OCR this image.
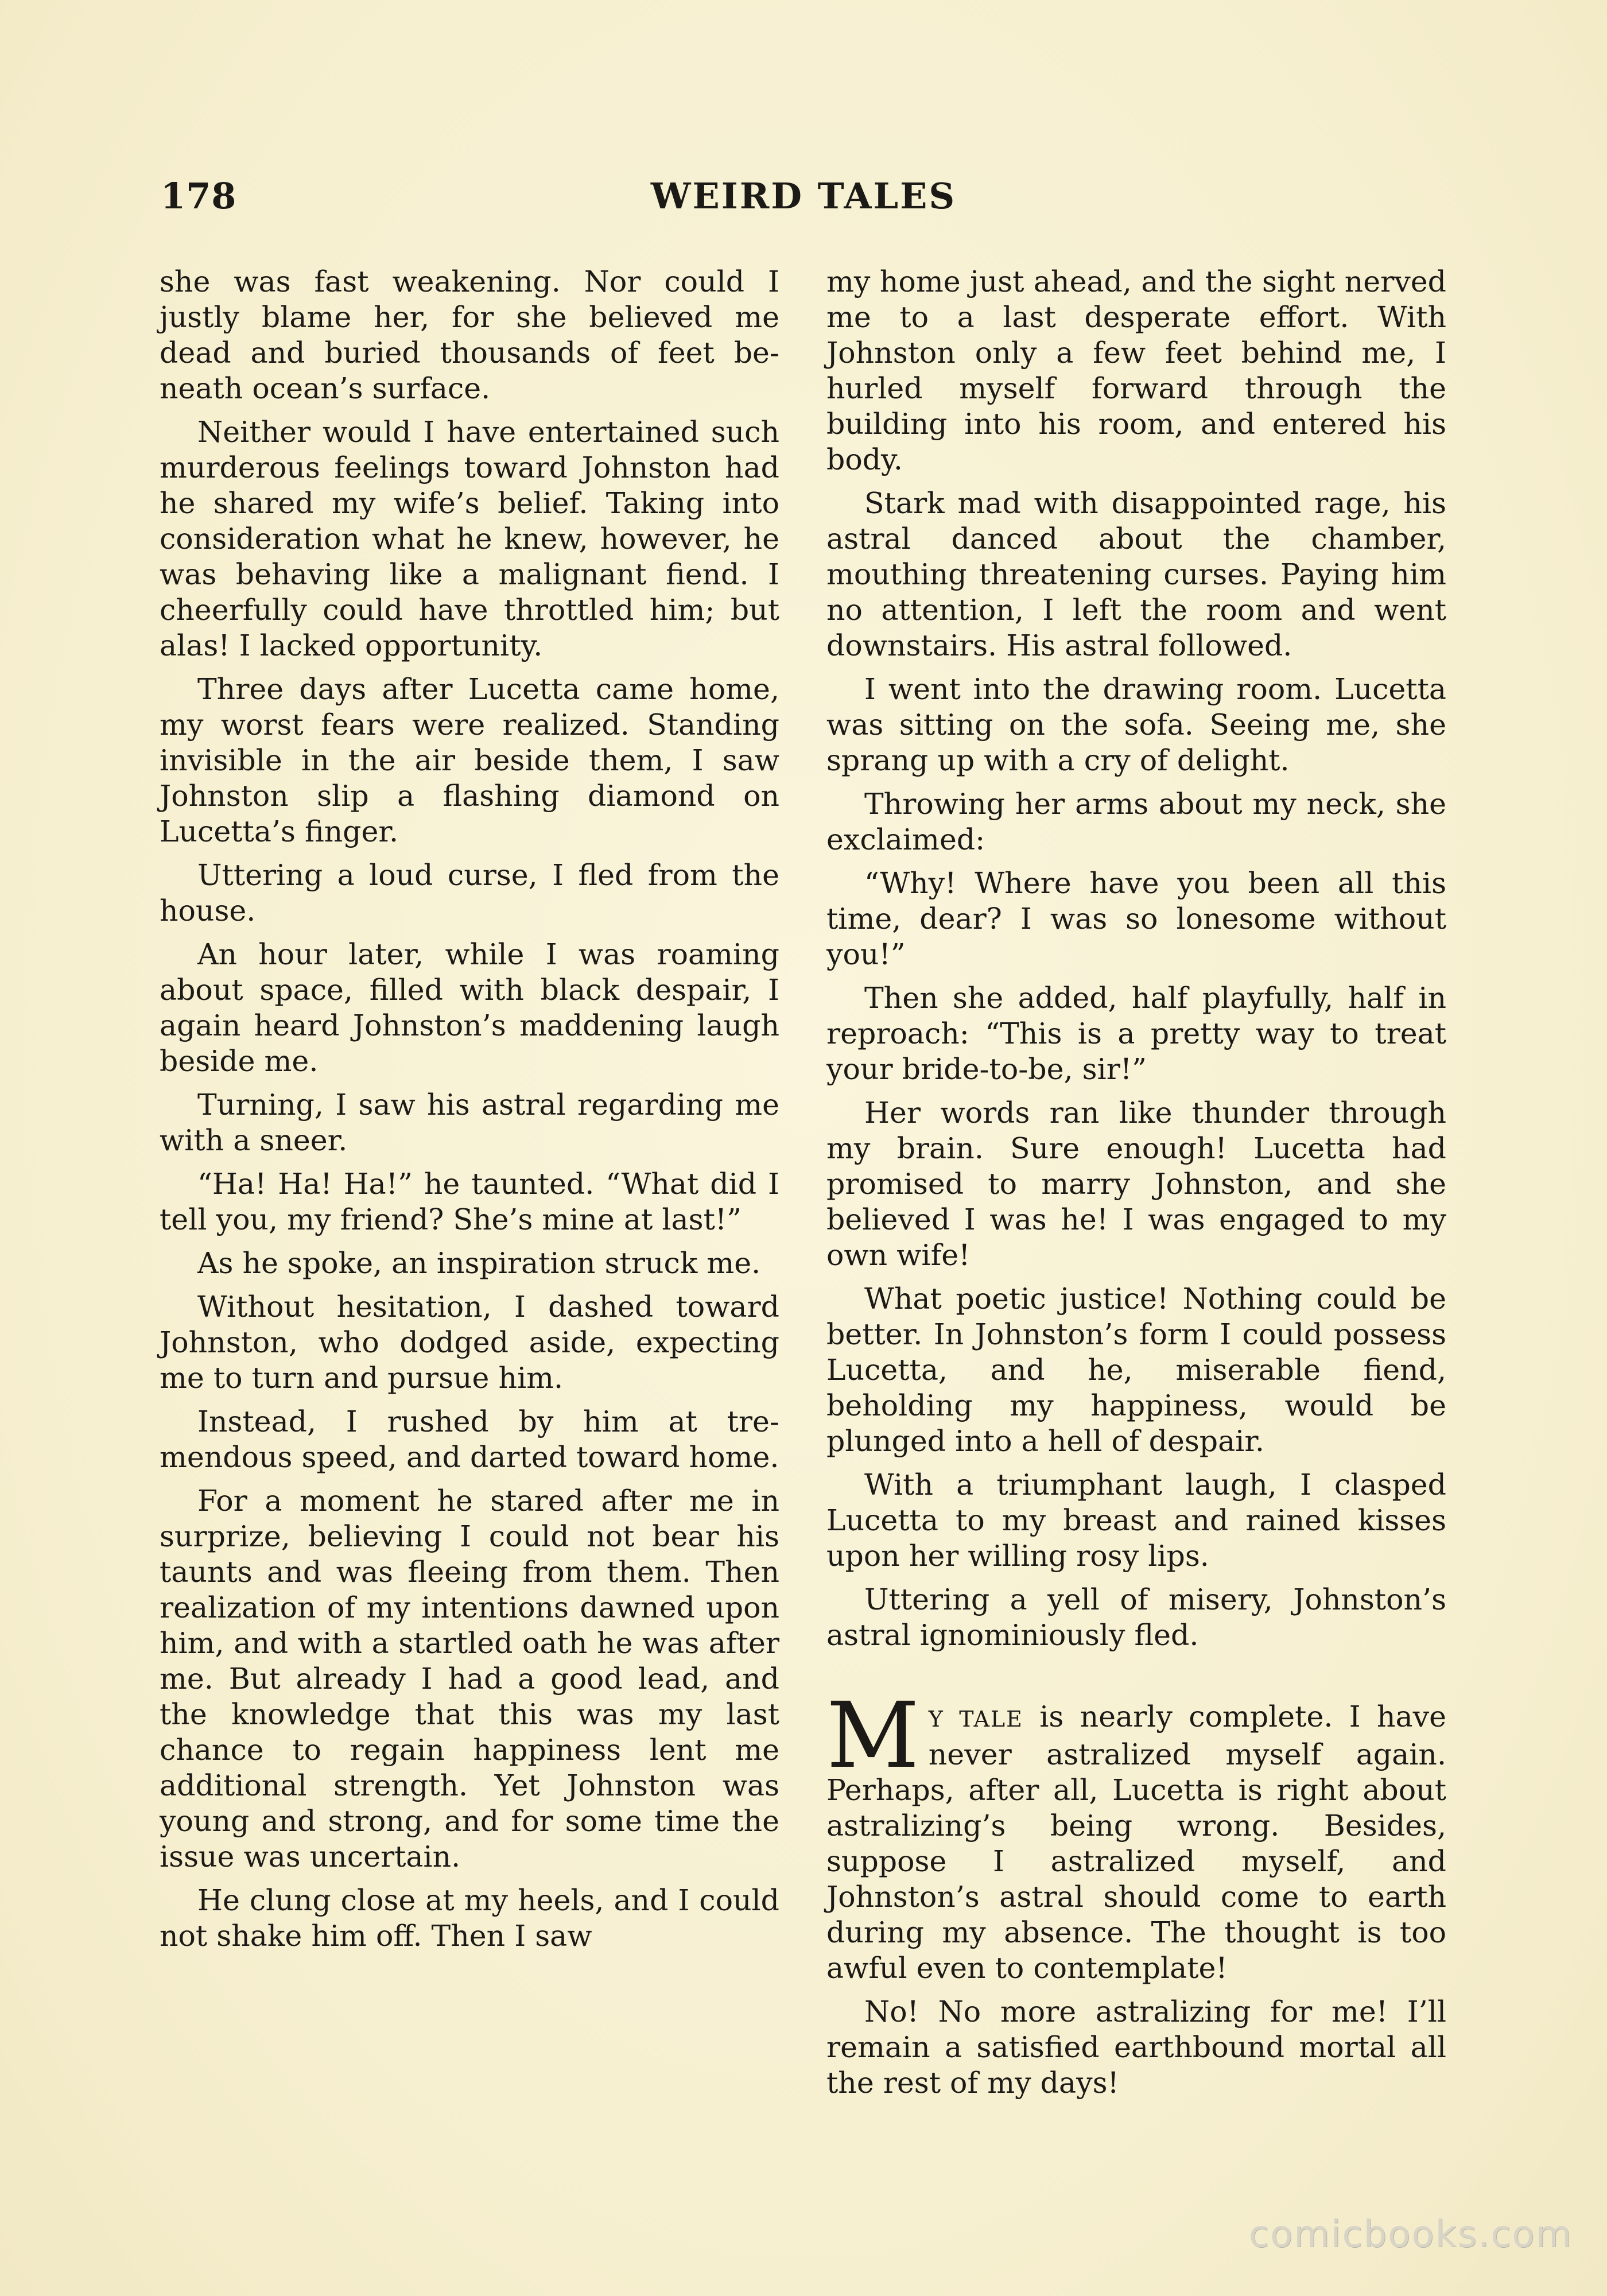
178	WEIRD TALES

she was fast weakening. Nor could I justly blame her, for she believed me dead and buried thousands of feet beneath ocean’s surface.

Neither would I have entertained such murderous feelings toward Johnston had he shared my wife’s belief. Taking into consideration what he knew, however, he was behaving like a malignant fiend. I cheerfully could have throttled him; but alas! I lacked opportunity.

Three days after Lucetta came home, my worst fears were realized. Standing invisible in the air beside them, I saw Johnston slip a flashing diamond on Lucetta’s finger.

Uttering a loud curse, I fled from the house.

An hour later, while I was roaming about space, filled with black despair, I again heard Johnston’s maddening laugh beside me.

Turning, I saw his astral regarding me with a sneer.

“Ha! Ha! Ha!” he taunted. “What did I tell you, my friend? She’s mine at last!”

As he spoke, an inspiration struck me.

Without hesitation, I dashed toward Johnston, who dodged aside, expecting me to turn and pursue him.

Instead, I rushed by him at tremendous speed, and darted toward home.

For a moment he stared after me in surprize, believing I could not bear his taunts and was fleeing from them. Then realization of my intentions dawned upon him, and with a startled oath he was after me. But already I had a good lead, and the knowledge that this was my last chance to regain happiness lent me additional strength. Yet Johnston was young and strong, and for some time the issue was uncertain.

He clung close at my heels, and I could not shake him off. Then I saw

my home just ahead, and the sight nerved me to a last desperate effort. With Johnston only a few feet behind me, I hurled myself forward through the building into his room, and entered his body.

Stark mad with disappointed rage, his astral danced about the chamber, mouthing threatening curses. Paying him no attention, I left the room and went downstairs. His astral followed.

I went into the drawing room. Lucetta was sitting on the sofa. Seeing me, she sprang up with a cry of delight.

Throwing her arms about my neck, she exclaimed:

“Why! Where have you been all this time, dear? I was so lonesome without you!”

Then she added, half playfully, half in reproach: “This is a pretty way to treat your bride-to-be, sir!”

Her words ran like thunder through my brain. Sure enough! Lucetta had promised to marry Johnston, and she believed I was he! I was engaged to my own wife!

What poetic justice! Nothing could be better. In Johnston’s form I could possess Lucetta, and he, miserable fiend, beholding my happiness, would be plunged into a hell of despair.

With a triumphant laugh, I clasped Lucetta to my breast and rained kisses upon her willing rosy lips.

Uttering a yell of misery, Johnston’s astral ignominiously fled.

M Y TALE is nearly complete. I have never astralized myself again. Perhaps, after all, Lucetta is right about astralizing’s being wrong. Besides, suppose I astralized myself, and Johnston’s astral should come to earth during my absence. The thought is too awful even to contemplate!

No! No more astralizing for me! I’ll remain a satisfied earthbound mortal all the rest of my days!

comicbooks.com
